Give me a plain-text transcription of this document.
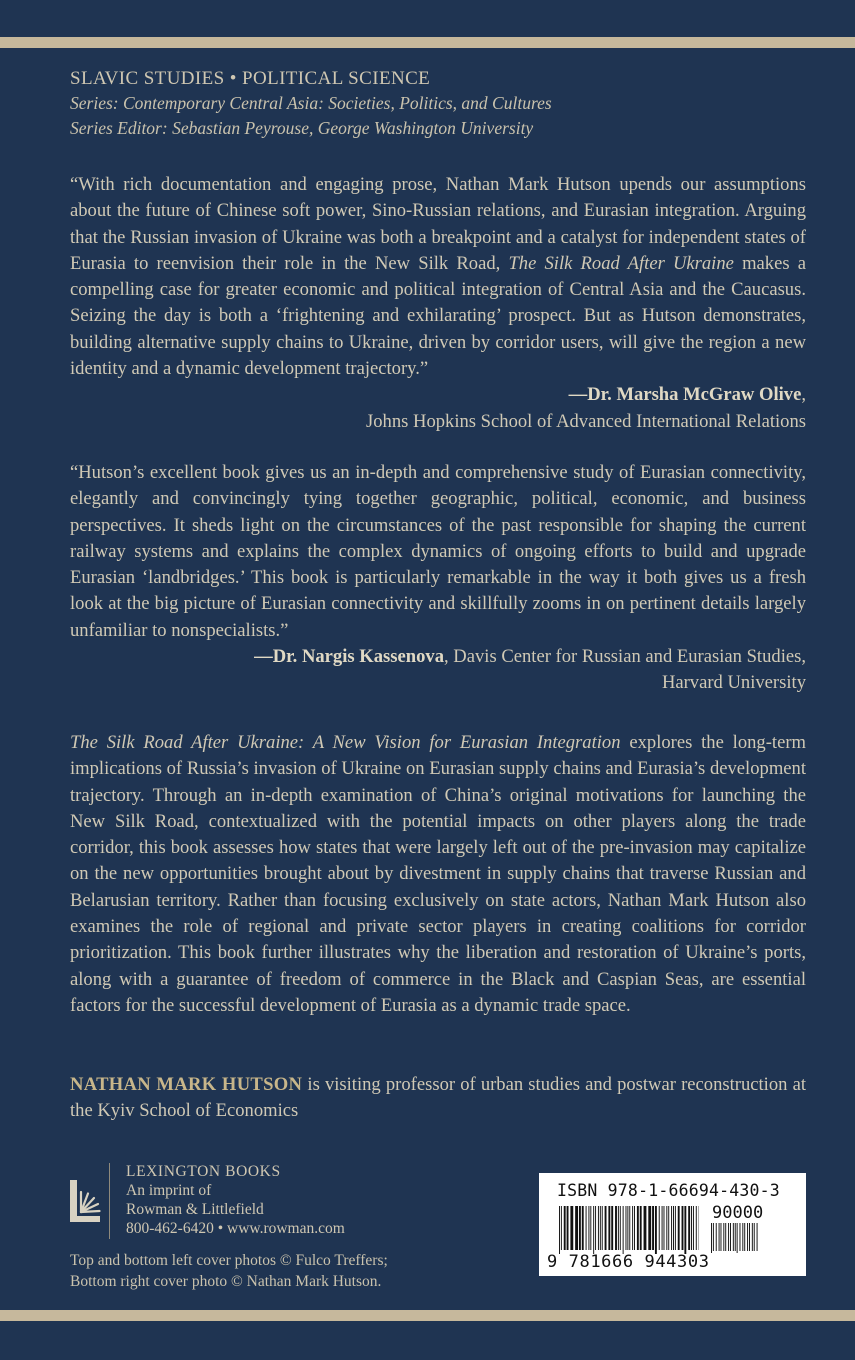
SLAVIC STUDIES • POLITICAL SCIENCE
Series: Contemporary Central Asia: Societies, Politics, and Cultures
Series Editor: Sebastian Peyrouse, George Washington University

“With rich documentation and engaging prose, Nathan Mark Hutson upends our assumptions about the future of Chinese soft power, Sino-Russian relations, and Eurasian integration. Arguing that the Russian invasion of Ukraine was both a breakpoint and a catalyst for independent states of Eurasia to reenvision their role in the New Silk Road, The Silk Road After Ukraine makes a compelling case for greater economic and political integration of Central Asia and the Caucasus. Seizing the day is both a ‘frightening and exhilarating’ prospect. But as Hutson demonstrates, building alternative supply chains to Ukraine, driven by corridor users, will give the region a new identity and a dynamic development trajectory.”

—Dr. Marsha McGraw Olive,

Johns Hopkins School of Advanced International Relations

“Hutson’s excellent book gives us an in-depth and comprehensive study of Eurasian connectivity, elegantly and convincingly tying together geographic, political, economic, and business perspectives. It sheds light on the circumstances of the past responsible for shaping the current railway systems and explains the complex dynamics of ongoing efforts to build and upgrade Eurasian ‘landbridges.’ This book is particularly remarkable in the way it both gives us a fresh look at the big picture of Eurasian connectivity and skillfully zooms in on pertinent details largely unfamiliar to nonspecialists.”

—Dr. Nargis Kassenova, Davis Center for Russian and Eurasian Studies,

Harvard University

The Silk Road After Ukraine: A New Vision for Eurasian Integration explores the long-term implications of Russia’s invasion of Ukraine on Eurasian supply chains and Eurasia’s development trajectory. Through an in-depth examination of China’s original motivations for launching the New Silk Road, contextualized with the potential impacts on other players along the trade corridor, this book assesses how states that were largely left out of the pre-invasion may capitalize on the new opportunities brought about by divestment in supply chains that traverse Russian and Belarusian territory. Rather than focusing exclusively on state actors, Nathan Mark Hutson also examines the role of regional and private sector players in creating coalitions for corridor prioritization. This book further illustrates why the liberation and restoration of Ukraine’s ports, along with a guarantee of freedom of commerce in the Black and Caspian Seas, are essential factors for the successful development of Eurasia as a dynamic trade space.

NATHAN MARK HUTSON is visiting professor of urban studies and postwar reconstruction at the Kyiv School of Economics

LEXINGTON BOOKS
An imprint of
Rowman & Littlefield
800-462-6420 • www.rowman.com
Top and bottom left cover photos © Fulco Treffers;
Bottom right cover photo © Nathan Mark Hutson.
ISBN 978-1-66694-430-3
90000
9 781666 944303
